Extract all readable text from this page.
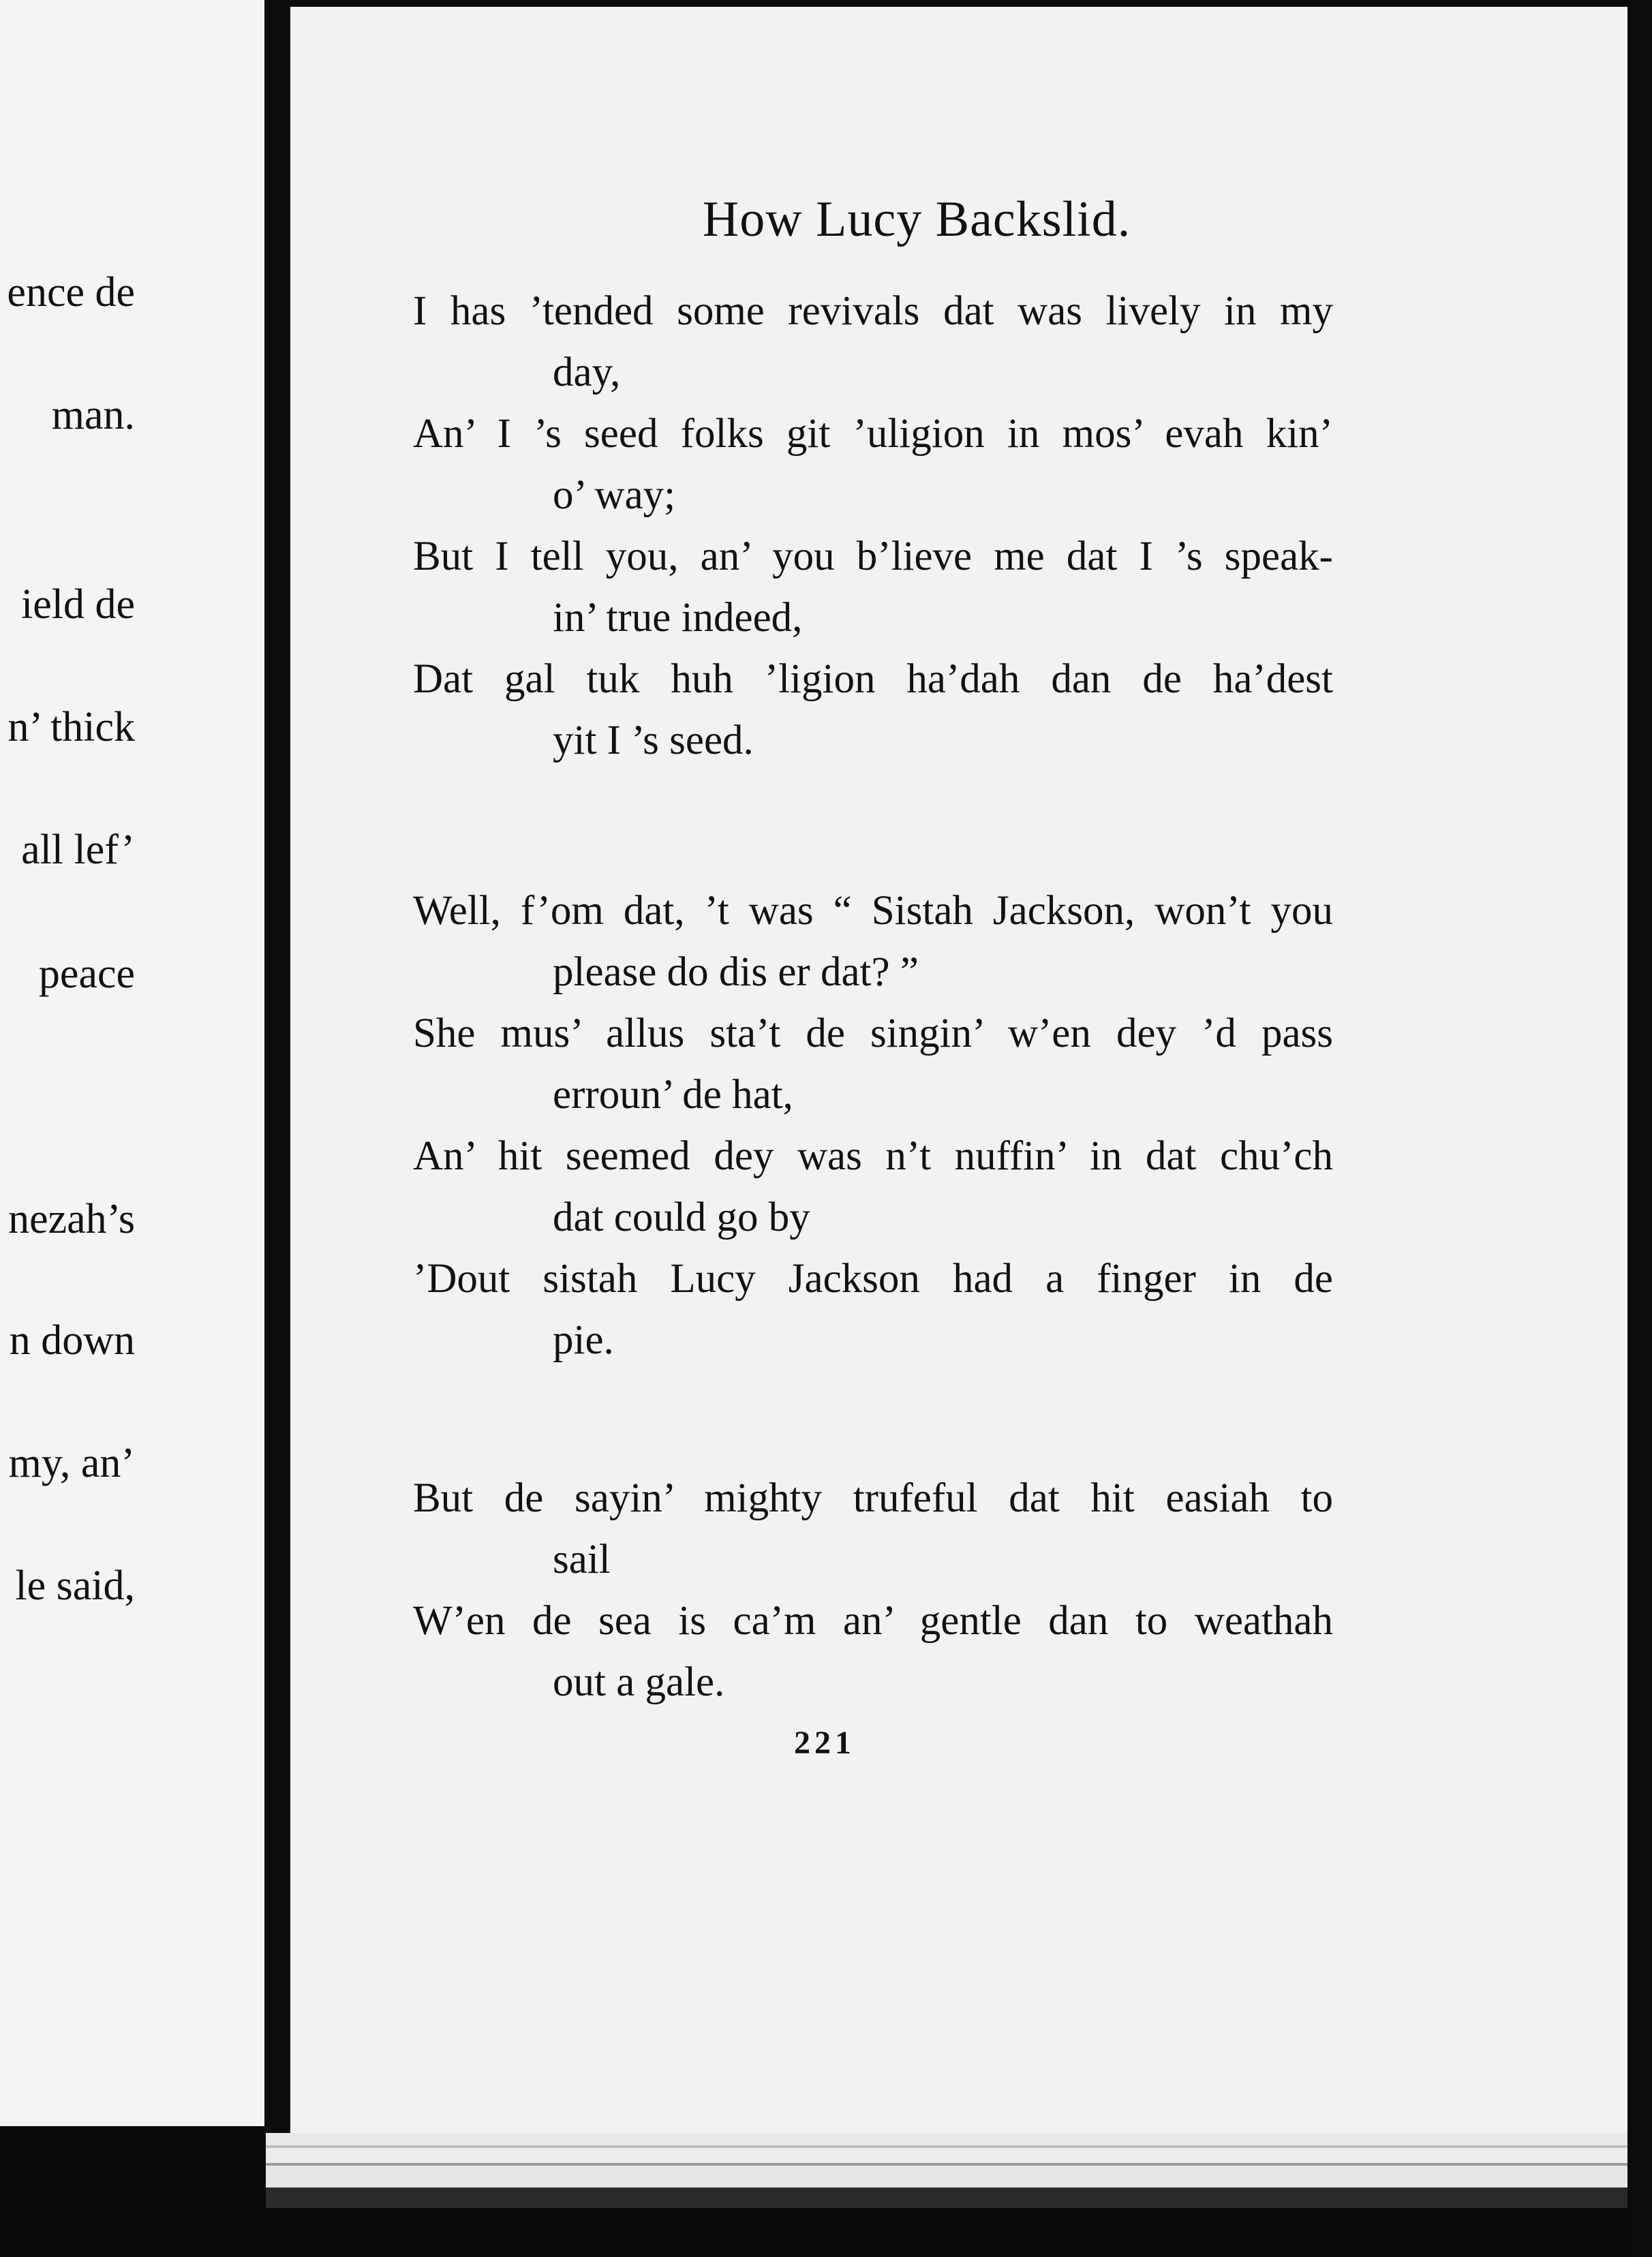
ence de
man.
ield de
n’ thick
all lef’
peace
nezah’s
n down
my, an’
le said,
How Lucy Backslid.
I has ’tended some revivals dat was lively in my
day,
An’ I ’s seed folks git ’uligion in mos’ evah kin’
o’ way;
But I tell you, an’ you b’lieve me dat I ’s speak-
in’ true indeed,
Dat gal tuk huh ’ligion ha’dah dan de ha’dest
yit I ’s seed.
Well, f’om dat, ’t was “ Sistah Jackson, won’t you
please do dis er dat? ”
She mus’ allus sta’t de singin’ w’en dey ’d pass
erroun’ de hat,
An’ hit seemed dey was n’t nuffin’ in dat chu’ch
dat could go by
’Dout sistah Lucy Jackson had a finger in de
pie.
But de sayin’ mighty trufeful dat hit easiah to
sail
W’en de sea is ca’m an’ gentle dan to weathah
out a gale.
221
